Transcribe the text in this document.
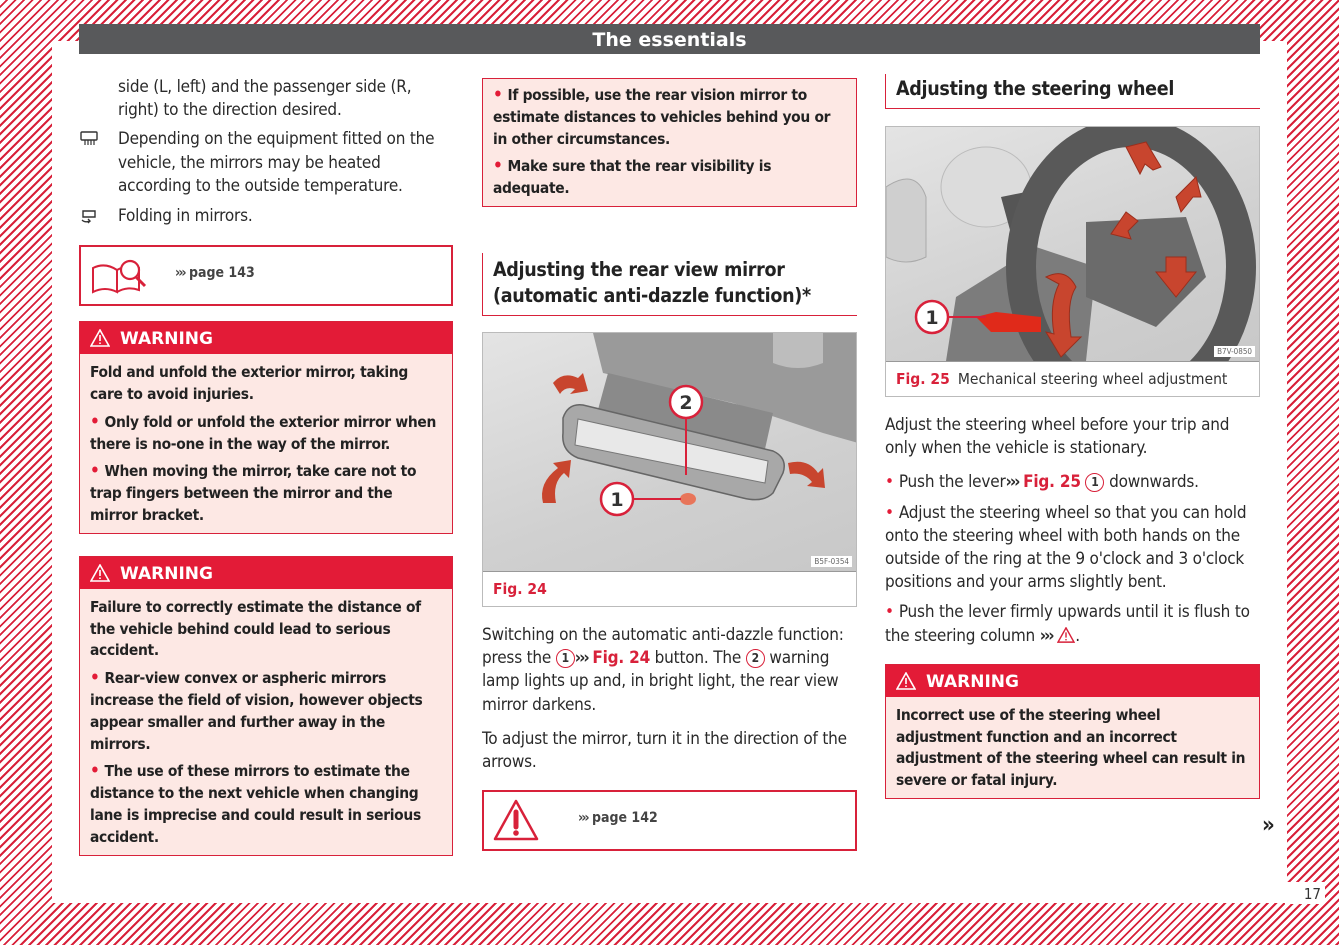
The essentials
side (L, left) and the passenger side (R, right) to the direction desired.
Depending on the equipment fitted on the vehicle, the mirrors may be heated according to the outside temperature.
Folding in mirrors.
››› page 143
WARNING

Fold and unfold the exterior mirror, taking care to avoid injuries.

• Only fold or unfold the exterior mirror when there is no-one in the way of the mirror.

• When moving the mirror, take care not to trap fingers between the mirror and the mirror bracket.

WARNING

Failure to correctly estimate the distance of the vehicle behind could lead to serious accident.

• Rear-view convex or aspheric mirrors increase the field of vision, however objects appear smaller and further away in the mirrors.

• The use of these mirrors to estimate the distance to the next vehicle when changing lane is imprecise and could result in serious accident.

• If possible, use the rear vision mirror to estimate distances to vehicles behind you or in other circumstances.

• Make sure that the rear visibility is adequate.

Adjusting the rear view mirror (automatic anti-dazzle function)*
2
1
B5F-0354
Fig. 24
Switching on the automatic anti-dazzle function: press the 1 ››› Fig. 24 button. The 2 warning lamp lights up and, in bright light, the rear view mirror darkens.
To adjust the mirror, turn it in the direction of the arrows.
››› page 142
Adjusting the steering wheel
1
B7V-0850
Fig. 25 Mechanical steering wheel adjustment
Adjust the steering wheel before your trip and only when the vehicle is stationary.
• Push the lever››› Fig. 25 1 downwards.
• Adjust the steering wheel so that you can hold onto the steering wheel with both hands on the outside of the ring at the 9 o'clock and 3 o'clock positions and your arms slightly bent.
• Push the lever firmly upwards until it is flush to the steering column ››› .
WARNING

Incorrect use of the steering wheel adjustment function and an incorrect adjustment of the steering wheel can result in severe or fatal injury.

»
17
